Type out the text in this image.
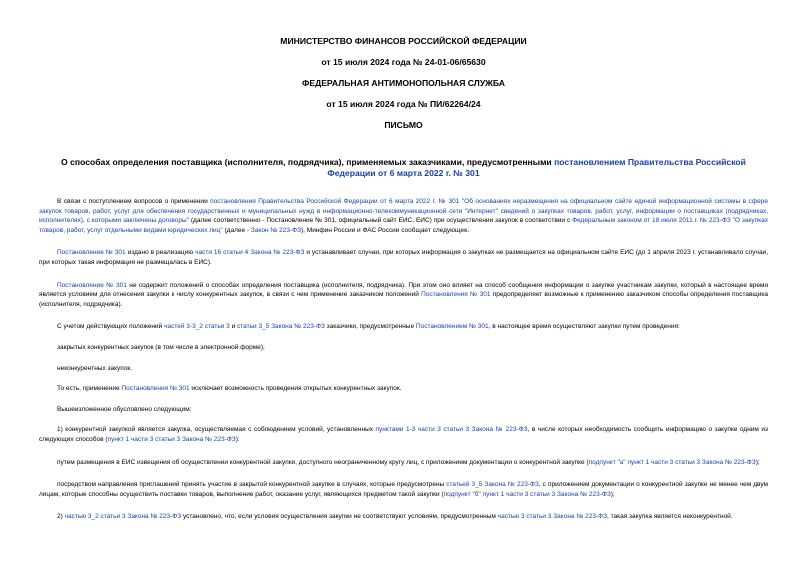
МИНИСТЕРСТВО ФИНАНСОВ РОССИЙСКОЙ ФЕДЕРАЦИИ

от 15 июля 2024 года № 24-01-06/65630

ФЕДЕРАЛЬНАЯ АНТИМОНОПОЛЬНАЯ СЛУЖБА

от 15 июля 2024 года № ПИ/62264/24

ПИСЬМО

О способах определения поставщика (исполнителя, подрядчика), применяемых заказчиками, предусмотренными постановлением Правительства Российской Федерации от 6 марта 2022 г. № 301

В связи с поступлением вопросов о применении постановления Правительства Российской Федерации от 6 марта 2022 г. № 301 "Об основаниях неразмещения на официальном сайте единой информационной системы в сфере закупок товаров, работ, услуг для обеспечения государственных и муниципальных нужд в информационно-телекоммуникационной сети "Интернет" сведений о закупках товаров, работ, услуг, информации о поставщиках (подрядчиках, исполнителях), с которыми заключены договоры" (далее соответственно - Постановление № 301, официальный сайт ЕИС, ЕИС) при осуществлении закупок в соответствии с Федеральным законом от 18 июля 2011 г. № 223-ФЗ "О закупках товаров, работ, услуг отдельными видами юридических лиц" (далее - Закон № 223-ФЗ), Минфин России и ФАС России сообщает следующее.

Постановление № 301 издано в реализацию части 16 статьи 4 Закона № 223-ФЗ и устанавливает случаи, при которых информация о закупках не размещается на официальном сайте ЕИС (до 1 апреля 2023 г. устанавливало случаи, при которых такая информация не размещалась в ЕИС).

Постановление № 301 не содержит положений о способах определения поставщика (исполнителя, подрядчика). При этом оно влияет на способ сообщения информации о закупке участникам закупки, который в настоящее время является условием для отнесения закупки к числу конкурентных закупок, в связи с чем применение заказчиком положений Постановления № 301 предопределяет возможные к применению заказчиком способы определения поставщика (исполнителя, подрядчика).

С учетом действующих положений частей 3-3_2 статьи 3 и статьи 3_5 Закона № 223-ФЗ заказчики, предусмотренные Постановлением № 301, в настоящее время осуществляют закупки путем проведения:

закрытых конкурентных закупок (в том числе в электронной форме);

неконкурентных закупок.

То есть, применение Постановления № 301 исключает возможность проведения открытых конкурентных закупок.

Вышеизложенное обусловлено следующим:

1) конкурентной закупкой является закупка, осуществляемая с соблюдением условий, установленных пунктами 1-3 части 3 статьи 3 Закона № 223-ФЗ, в числе которых необходимость сообщить информацию о закупке одним из следующих способов (пункт 1 части 3 статьи 3 Закона № 223-ФЗ):

путем размещения в ЕИС извещения об осуществлении конкурентной закупки, доступного неограниченному кругу лиц, с приложением документации о конкурентной закупке (подпункт "а" пункт 1 части 3 статьи 3 Закона № 223-ФЗ);

посредством направления приглашений принять участие в закрытой конкурентной закупке в случаях, которые предусмотрены статьей 3_5 Закона № 223-ФЗ, с приложением документации о конкурентной закупке не менее чем двум лицам, которые способны осуществить поставки товаров, выполнение работ, оказание услуг, являющихся предметом такой закупки (подпункт "б" пункт 1 части 3 статьи 3 Закона № 223-ФЗ);

2) частью 3_2 статьи 3 Закона № 223-ФЗ установлено, что, если условия осуществления закупки не соответствуют условиям, предусмотренным частью 3 статьи 3 Закона № 223-ФЗ, такая закупка является неконкурентной.
